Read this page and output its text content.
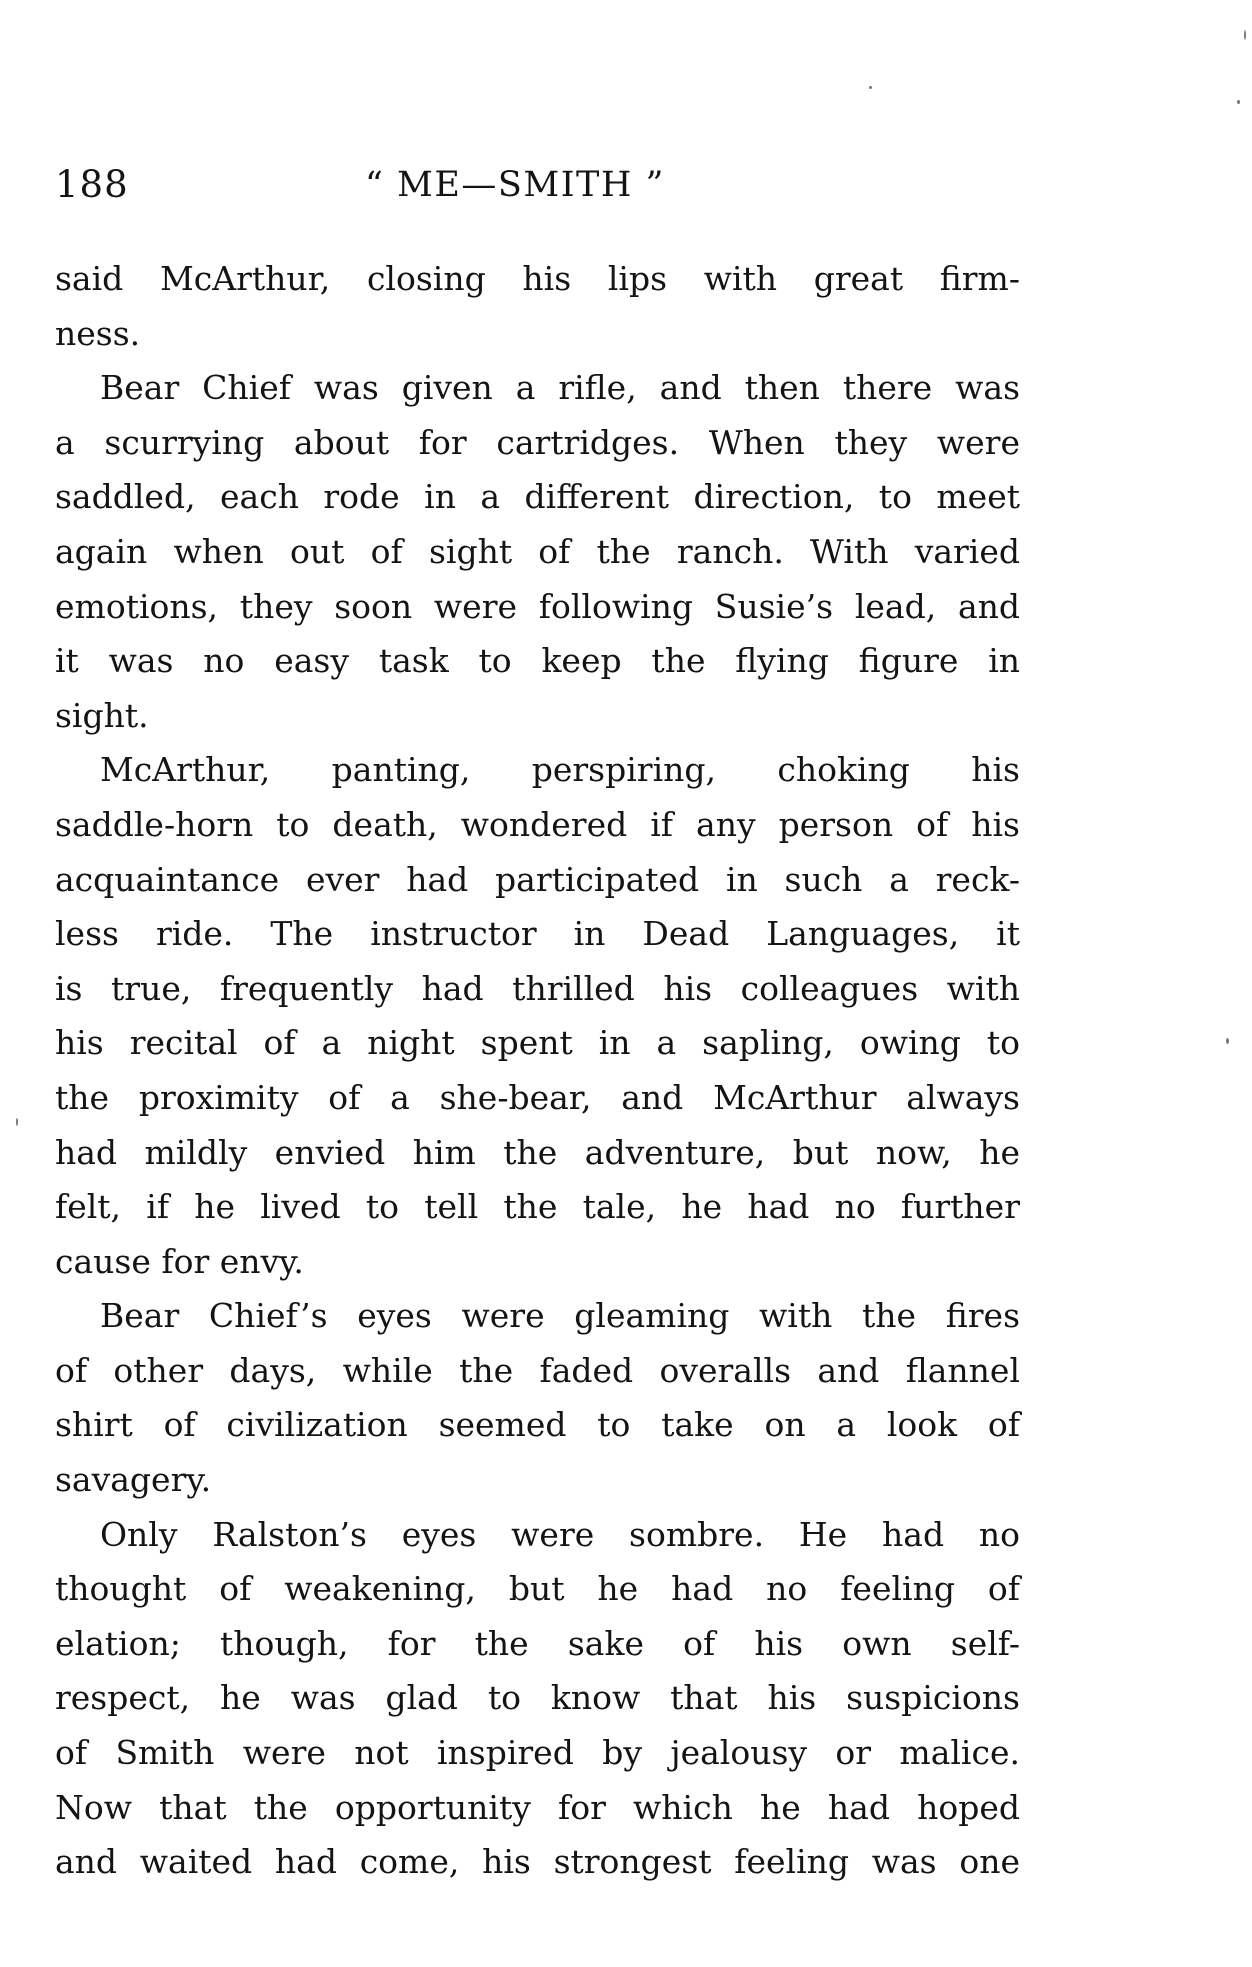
188	“ ME—SMITH ”
said McArthur, closing his lips with great firm-
ness.
Bear Chief was given a rifle, and then there was
a scurrying about for cartridges. When they were
saddled, each rode in a different direction, to meet
again when out of sight of the ranch. With varied
emotions, they soon were following Susie’s lead, and
it was no easy task to keep the flying figure in
sight.
McArthur, panting, perspiring, choking his
saddle-horn to death, wondered if any person of his
acquaintance ever had participated in such a reck-
less ride. The instructor in Dead Languages, it
is true, frequently had thrilled his colleagues with
his recital of a night spent in a sapling, owing to
the proximity of a she-bear, and McArthur always
had mildly envied him the adventure, but now, he
felt, if he lived to tell the tale, he had no further
cause for envy.
Bear Chief’s eyes were gleaming with the fires
of other days, while the faded overalls and flannel
shirt of civilization seemed to take on a look of
savagery.
Only Ralston’s eyes were sombre. He had no
thought of weakening, but he had no feeling of
elation; though, for the sake of his own self-
respect, he was glad to know that his suspicions
of Smith were not inspired by jealousy or malice.
Now that the opportunity for which he had hoped
and waited had come, his strongest feeling was one
